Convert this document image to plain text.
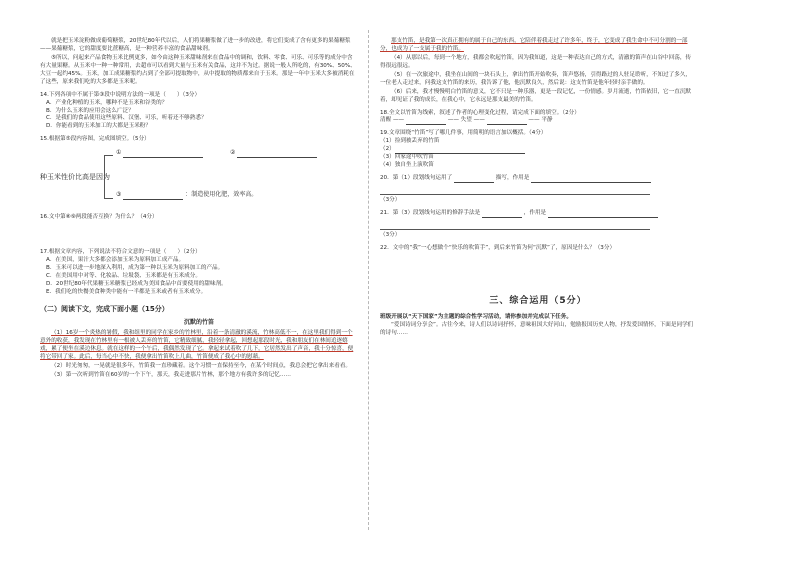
就是把玉米淀粉做成葡萄糖浆，20世纪80年代以后，人们将果糖浆做了进一步的改进，将它们变成了含有更多的果葡糖浆——果葡糖浆，它的甜度要比蔗糖高，是一种营养丰富的食品甜味剂。

⑤所以，问起来产品食物玉米比例更多，如今由这种玉米甜味剂来在食品中的调和，饮料、零食、可乐、可乐等的成分中含有大量果糖。从玉米中一种一种常用，去超市可以看到大量与玉米有关食品，这并不为过。据说一般人所吃的，有30%、50%、大豆一起约45%。玉米，加工成果糖浆约占到了全部可提取物中，从中提取的物质都来自于玉米。那是一年中玉米大多被消耗在了这些，原来我们吃的大多都是玉米呢。

14.下列各项中不属于第③段中说明方法的一项是（　　）（3分）

A．产业化种植的玉米，哪种不是玉米和谷类的？

B．为什么玉米的应用会这么广泛？

C．是我们的食品使用这些原料、汉堡、可乐，听着还不够熟悉？

D．你能看到的玉米加工的大都是玉米粉？

15.根据第⑤段内容图，完成图填空。（5分）

种玉米性价比高是因为
①	②
③	：制造使用化肥，效率高。

16.文中第⑧⑨两段能否互换？为什么？（4分）

17.根据文章内容，下列说法不符合文意的一项是（　　）（2分）

A．在美国，果汁大多都会添加玉米为原料加工成产品。

B．玉米可以进一步地深入利用，成为第一种以玉米为原料加工的产品。

C．在美国用中对等、化妆品、垃圾袋、玉米都是有玉米成分。

D．20世纪80年代果糖玉米糖浆已经成为美国食品中首要使用的甜味剂。

E．我们吃的快餐美食种类中能有一半都是玉米或者有玉米成分。

（二）阅读下文，完成下面小题（15分）

沉默的竹笛

（1）16岁一个炎热的暑假，我和组里的同学在家乡的竹林里，沿着一条清澈的溪流，竹林高低不一，在这里我们得到一个意外的收获，我发现在竹林里有一根被人丢弃的竹笛，它精致细腻，我轻轻拿起，回想起那段时光，我和朋友们在林间追逐嬉戏，累了便坐在溪边休息。就在这样的一个午后，我偶然发现了它。拿起来试着吹了几下，它居然发出了声音，我十分惊喜，便将它带回了家。此后，每当心中不快，我便拿出竹笛吹上几曲，竹笛便成了我心中的慰藉。

（2）时光匆匆，一晃就是很多年，竹笛我一直珍藏着。这个习惯一直保持至今，在某个时间点，我总会把它拿出来看看。

（3）第一次听到竹笛在60岁的一个下午，那天，我走进那片竹林，那个地方有我许多的记忆……

那支竹笛，是我第一次真正拥有的属于自己的东西，它陪伴着我走过了许多年，终于，它变成了我生命中不可分割的一部分，也成为了一支属于我的竹笛。

（4）从那以后，每到一个地方，我都会吹起竹笛，因为我知道，这是一种表达自己的方式，清澈的笛声在山谷中回荡，传得很远很远。

（5）在一次旅途中，我坐在山间的一块石头上，拿出竹笛开始吹奏，笛声悠扬，引得路过的人驻足聆听，不知过了多久，一位老人走过来，问我这支竹笛的来历，我告诉了他，他沉默良久，然后说：这支竹笛是他年轻时亲手做的。

（6）后来，我才慢慢明白竹笛的意义，它不只是一种乐器，更是一段记忆，一份情感。岁月流逝，竹笛依旧，它一直沉默着，却见证了我的成长，在我心中，它永远是那支最美的竹笛。

18.全文以竹笛为线索，叙述了作者的心理变化过程，请完成下面的填空。（2分）

清醒 ——	—— 失望 ——	—— 平静

19.文章围绕“竹笛”写了哪几件事，用简明的语言加以概括。（4分）

（1）捡到被丢弃的竹笛

（2）

（3）回家途中吹竹笛

（4）独自坐上演吹笛

20．第（1）段划线句运用了	描写，作用是

（3分）

21．第（3）段划线句运用的修辞手法是	，作用是

（3分）

22．文中的“我”一心想做个“快乐的吹笛手”，到后来竹笛为何“沉默”了，原因是什么？（3分）

三、综合运用（5分）

班级开展以“天下国家”为主题的综合性学习活动，请你参加并完成以下任务。

“爱国诗词分享会”。古往今来，诗人们以诗词抒怀，意味祖国大好河山，勉励报国历史人物，抒发爱国情怀，下面是同学们的诗句……
